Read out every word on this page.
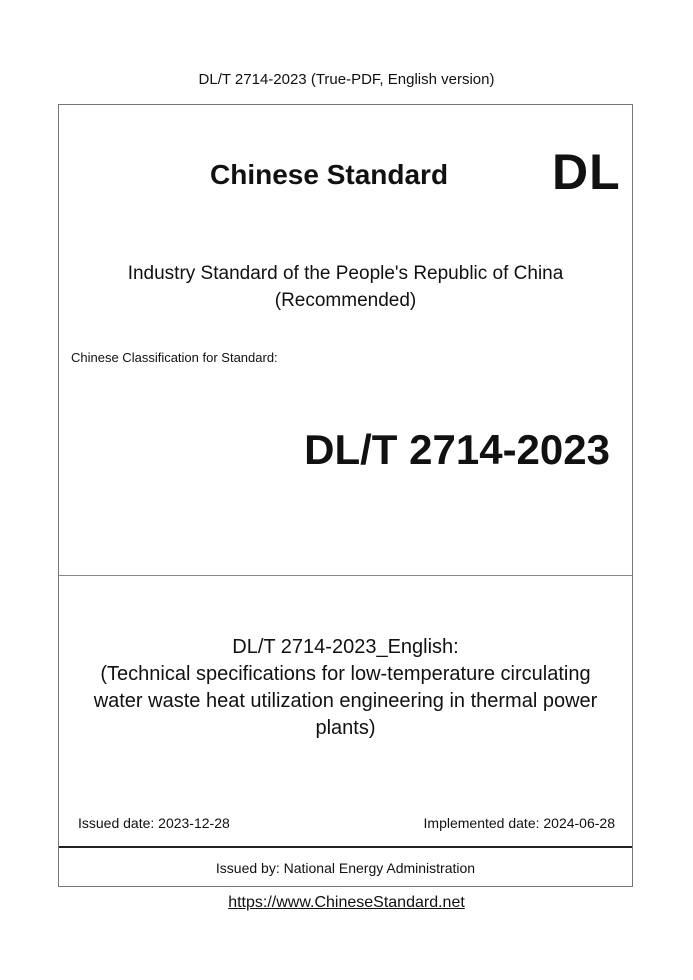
DL/T 2714-2023 (True-PDF, English version)
Chinese Standard DL
Industry Standard of the People's Republic of China
(Recommended)
Chinese Classification for Standard:
DL/T 2714-2023
DL/T 2714-2023_English:
(Technical specifications for low-temperature circulating
water waste heat utilization engineering in thermal power
plants)
Issued date: 2023-12-28	Implemented date: 2024-06-28
Issued by: National Energy Administration
https://www.ChineseStandard.net
